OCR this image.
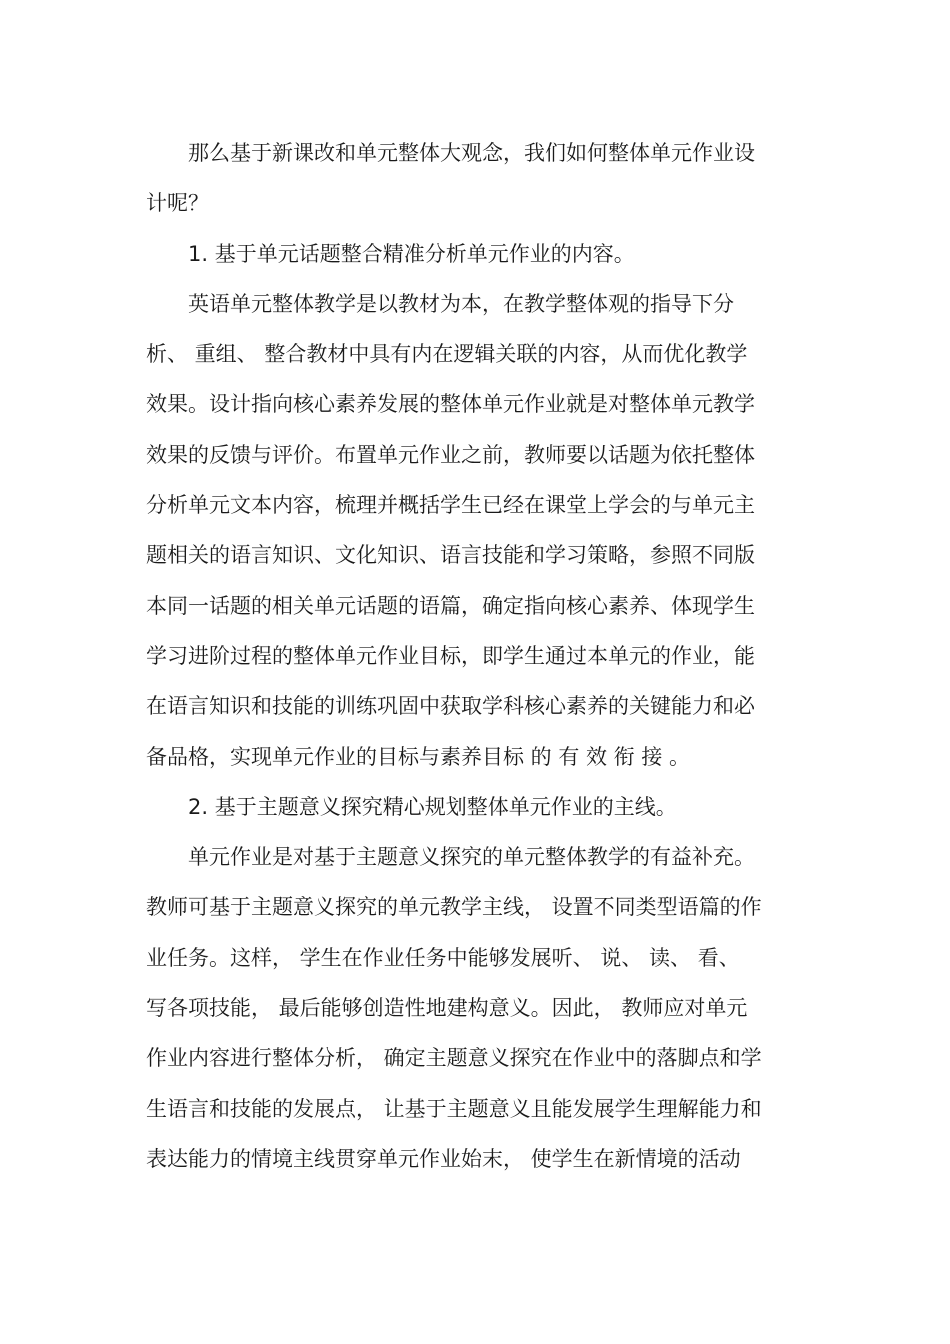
那么基于新课改和单元整体大观念，我们如何整体单元作业设
计呢？
1. 基于单元话题整合精准分析单元作业的内容。
英语单元整体教学是以教材为本，在教学整体观的指导下分
析、 重组、 整合教材中具有内在逻辑关联的内容，从而优化教学
效果。设计指向核心素养发展的整体单元作业就是对整体单元教学
效果的反馈与评价。布置单元作业之前，教师要以话题为依托整体
分析单元文本内容，梳理并概括学生已经在课堂上学会的与单元主
题相关的语言知识、文化知识、语言技能和学习策略，参照不同版
本同一话题的相关单元话题的语篇，确定指向核心素养、体现学生
学习进阶过程的整体单元作业目标，即学生通过本单元的作业，能
在语言知识和技能的训练巩固中获取学科核心素养的关键能力和必
备品格，实现单元作业的目标与素养目标 的 有 效 衔 接 。
2. 基于主题意义探究精心规划整体单元作业的主线。
单元作业是对基于主题意义探究的单元整体教学的有益补充。
教师可基于主题意义探究的单元教学主线， 设置不同类型语篇的作
业任务。这样， 学生在作业任务中能够发展听、 说、 读、 看、
写各项技能， 最后能够创造性地建构意义。因此， 教师应对单元
作业内容进行整体分析， 确定主题意义探究在作业中的落脚点和学
生语言和技能的发展点， 让基于主题意义且能发展学生理解能力和
表达能力的情境主线贯穿单元作业始末， 使学生在新情境的活动
